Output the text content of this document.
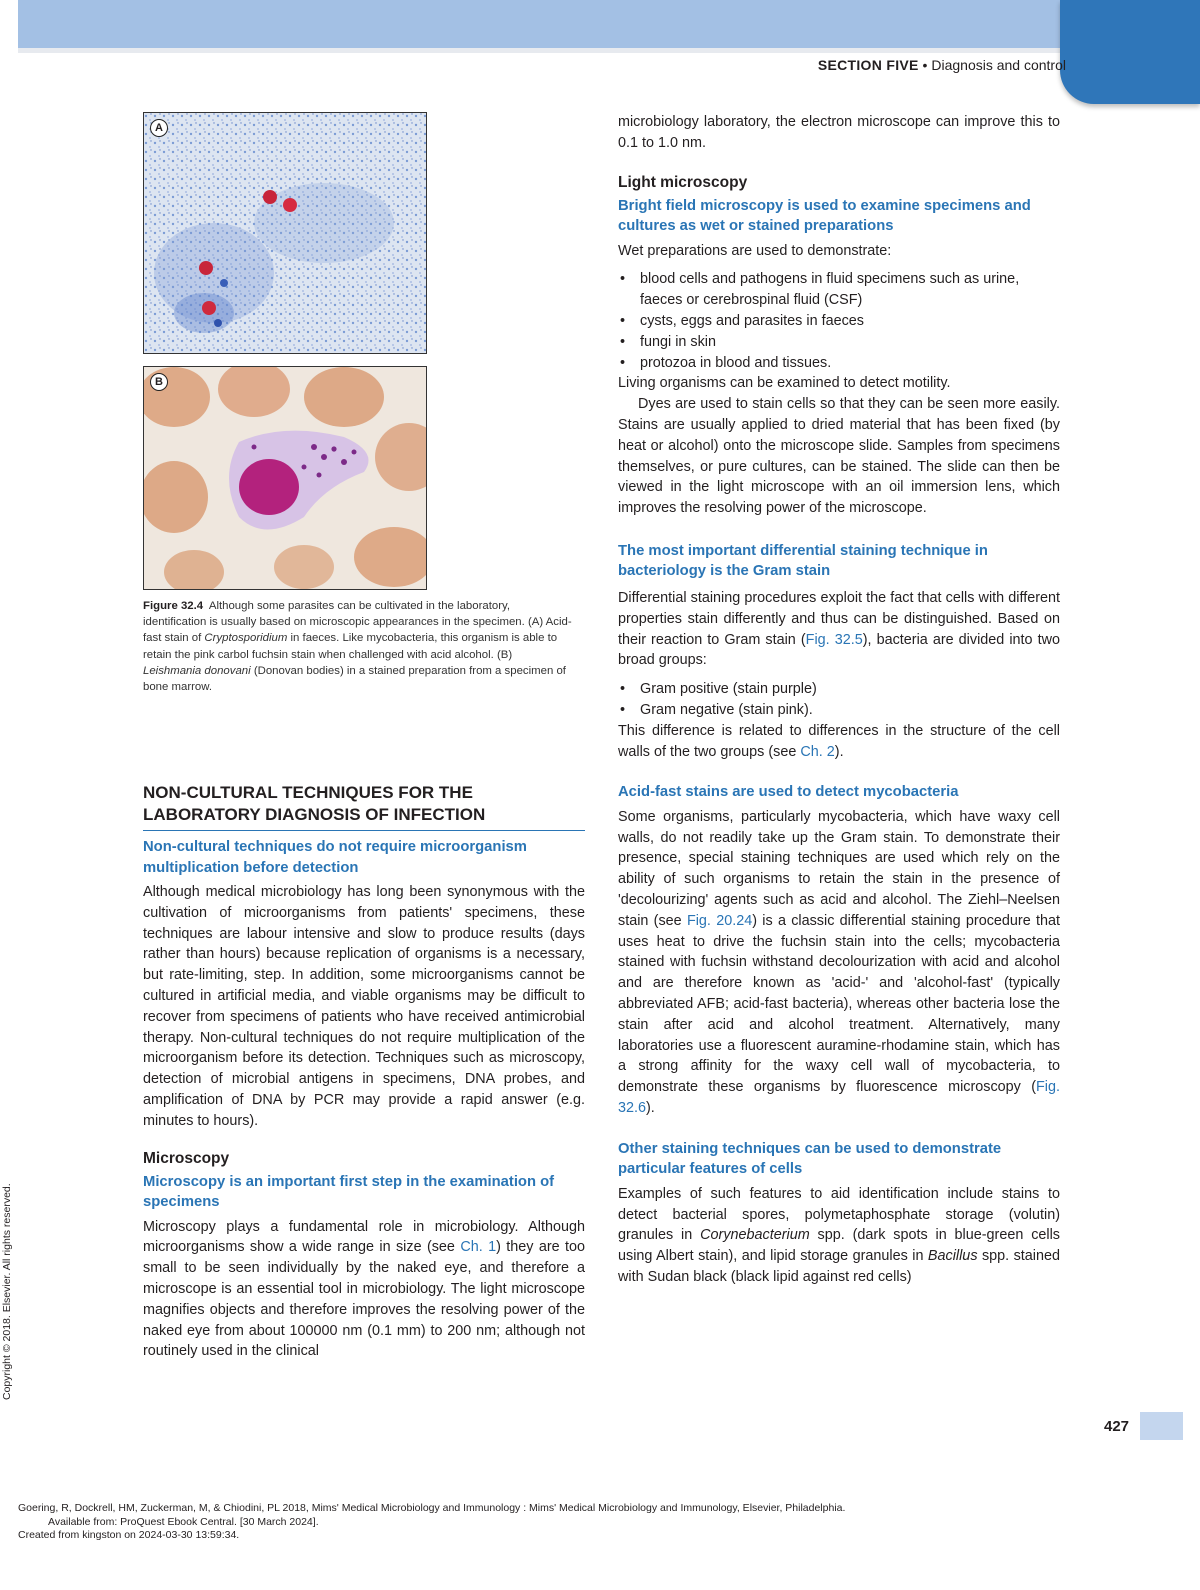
SECTION FIVE • Diagnosis and control
A
B
Figure 32.4 Although some parasites can be cultivated in the laboratory, identification is usually based on microscopic appearances in the specimen. (A) Acid-fast stain of Cryptosporidium in faeces. Like mycobacteria, this organism is able to retain the pink carbol fuchsin stain when challenged with acid alcohol. (B) Leishmania donovani (Donovan bodies) in a stained preparation from a specimen of bone marrow.
NON-CULTURAL TECHNIQUES FOR THE LABORATORY DIAGNOSIS OF INFECTION
Non-cultural techniques do not require microorganism multiplication before detection

Although medical microbiology has long been synonymous with the cultivation of microorganisms from patients' specimens, these techniques are labour intensive and slow to produce results (days rather than hours) because replication of organisms is a necessary, but rate-limiting, step. In addition, some microorganisms cannot be cultured in artificial media, and viable organisms may be difficult to recover from specimens of patients who have received antimicrobial therapy. Non-cultural techniques do not require multiplication of the microorganism before its detection. Techniques such as microscopy, detection of microbial antigens in specimens, DNA probes, and amplification of DNA by PCR may provide a rapid answer (e.g. minutes to hours).

Microscopy
Microscopy is an important first step in the examination of specimens

Microscopy plays a fundamental role in microbiology. Although microorganisms show a wide range in size (see Ch. 1) they are too small to be seen individually by the naked eye, and therefore a microscope is an essential tool in microbiology. The light microscope magnifies objects and therefore improves the resolving power of the naked eye from about 100000 nm (0.1 mm) to 200 nm; although not routinely used in the clinical

microbiology laboratory, the electron microscope can improve this to 0.1 to 1.0 nm.

Light microscopy
Bright field microscopy is used to examine specimens and cultures as wet or stained preparations

Wet preparations are used to demonstrate:

• blood cells and pathogens in fluid specimens such as urine, faeces or cerebrospinal fluid (CSF)
• cysts, eggs and parasites in faeces
• fungi in skin
• protozoa in blood and tissues.

Living organisms can be examined to detect motility.

Dyes are used to stain cells so that they can be seen more easily. Stains are usually applied to dried material that has been fixed (by heat or alcohol) onto the microscope slide. Samples from specimens themselves, or pure cultures, can be stained. The slide can then be viewed in the light microscope with an oil immersion lens, which improves the resolving power of the microscope.

The most important differential staining technique in bacteriology is the Gram stain

Differential staining procedures exploit the fact that cells with different properties stain differently and thus can be distinguished. Based on their reaction to Gram stain (Fig. 32.5), bacteria are divided into two broad groups:

• Gram positive (stain purple)
• Gram negative (stain pink).

This difference is related to differences in the structure of the cell walls of the two groups (see Ch. 2).

Acid-fast stains are used to detect mycobacteria

Some organisms, particularly mycobacteria, which have waxy cell walls, do not readily take up the Gram stain. To demonstrate their presence, special staining techniques are used which rely on the ability of such organisms to retain the stain in the presence of 'decolourizing' agents such as acid and alcohol. The Ziehl–Neelsen stain (see Fig. 20.24) is a classic differential staining procedure that uses heat to drive the fuchsin stain into the cells; mycobacteria stained with fuchsin withstand decolourization with acid and alcohol and are therefore known as 'acid-' and 'alcohol-fast' (typically abbreviated AFB; acid-fast bacteria), whereas other bacteria lose the stain after acid and alcohol treatment. Alternatively, many laboratories use a fluorescent auramine-rhodamine stain, which has a strong affinity for the waxy cell wall of mycobacteria, to demonstrate these organisms by fluorescence microscopy (Fig. 32.6).

Other staining techniques can be used to demonstrate particular features of cells

Examples of such features to aid identification include stains to detect bacterial spores, polymetaphosphate storage (volutin) granules in Corynebacterium spp. (dark spots in blue-green cells using Albert stain), and lipid storage granules in Bacillus spp. stained with Sudan black (black lipid against red cells)

Copyright © 2018. Elsevier. All rights reserved.
427
Goering, R, Dockrell, HM, Zuckerman, M, & Chiodini, PL 2018, Mims' Medical Microbiology and Immunology : Mims' Medical Microbiology and Immunology, Elsevier, Philadelphia.
Available from: ProQuest Ebook Central. [30 March 2024].
Created from kingston on 2024-03-30 13:59:34.
